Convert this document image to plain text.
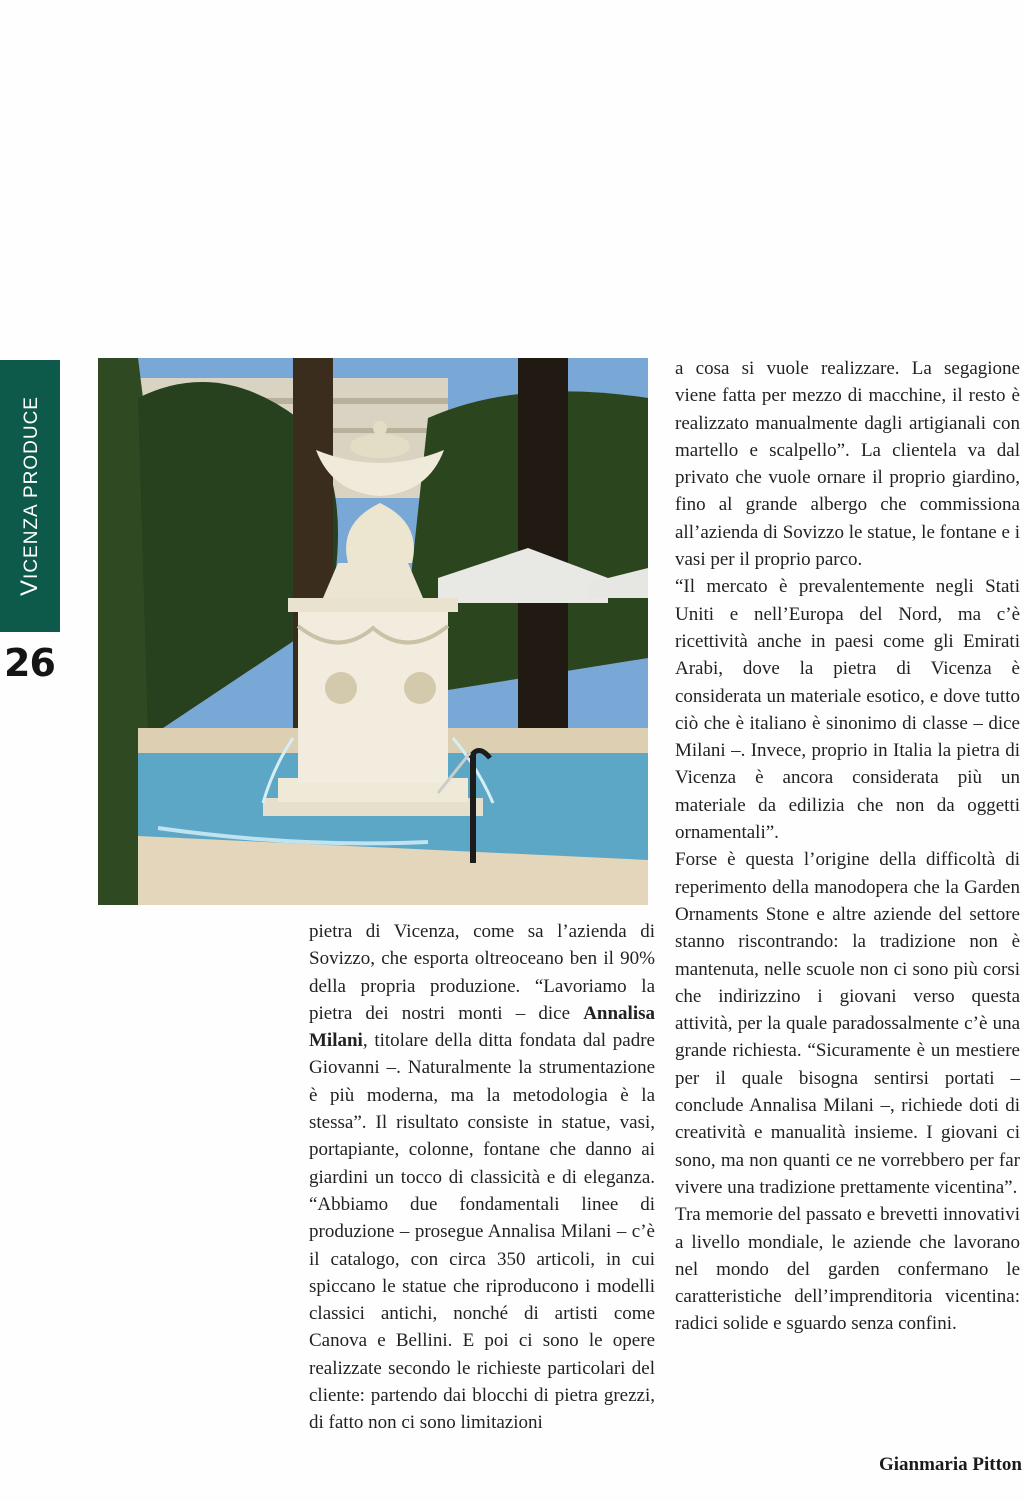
VICENZA PRODUCE
26

pietra di Vicenza, come sa l’azienda di Sovizzo, che esporta oltreoceano ben il 90% della propria produzione. “Lavoriamo la pietra dei nostri monti – dice Annalisa Milani, titolare della ditta fondata dal padre Giovanni –. Naturalmente la strumentazione è più moderna, ma la metodologia è la stessa”. Il risultato consiste in statue, vasi, portapiante, colonne, fontane che danno ai giardini un tocco di classicità e di eleganza. “Abbiamo due fondamentali linee di produzione – prosegue Annalisa Milani – c’è il catalogo, con circa 350 articoli, in cui spiccano le statue che riproducono i modelli classici antichi, nonché di artisti come Canova e Bellini. E poi ci sono le opere realizzate secondo le richieste particolari del cliente: partendo dai blocchi di pietra grezzi, di fatto non ci sono limitazioni

a cosa si vuole realizzare. La segagione viene fatta per mezzo di macchine, il resto è realizzato manualmente dagli artigianali con martello e scalpello”. La clientela va dal privato che vuole ornare il proprio giardino, fino al grande albergo che commissiona all’azienda di Sovizzo le statue, le fontane e i vasi per il proprio parco.

“Il mercato è prevalentemente negli Stati Uniti e nell’Europa del Nord, ma c’è ricettività anche in paesi come gli Emirati Arabi, dove la pietra di Vicenza è considerata un materiale esotico, e dove tutto ciò che è italiano è sinonimo di classe – dice Milani –. Invece, proprio in Italia la pietra di Vicenza è ancora considerata più un materiale da edilizia che non da oggetti ornamentali”.

Forse è questa l’origine della difficoltà di reperimento della manodopera che la Garden Ornaments Stone e altre aziende del settore stanno riscontrando: la tradizione non è mantenuta, nelle scuole non ci sono più corsi che indirizzino i giovani verso questa attività, per la quale paradossalmente c’è una grande richiesta. “Sicuramente è un mestiere per il quale bisogna sentirsi portati – conclude Annalisa Milani –, richiede doti di creatività e manualità insieme. I giovani ci sono, ma non quanti ce ne vorrebbero per far vivere una tradizione prettamente vicentina”.

Tra memorie del passato e brevetti innovativi a livello mondiale, le aziende che lavorano nel mondo del garden confermano le caratteristiche dell’imprenditoria vicentina: radici solide e sguardo senza confini.

Gianmaria Pitton
